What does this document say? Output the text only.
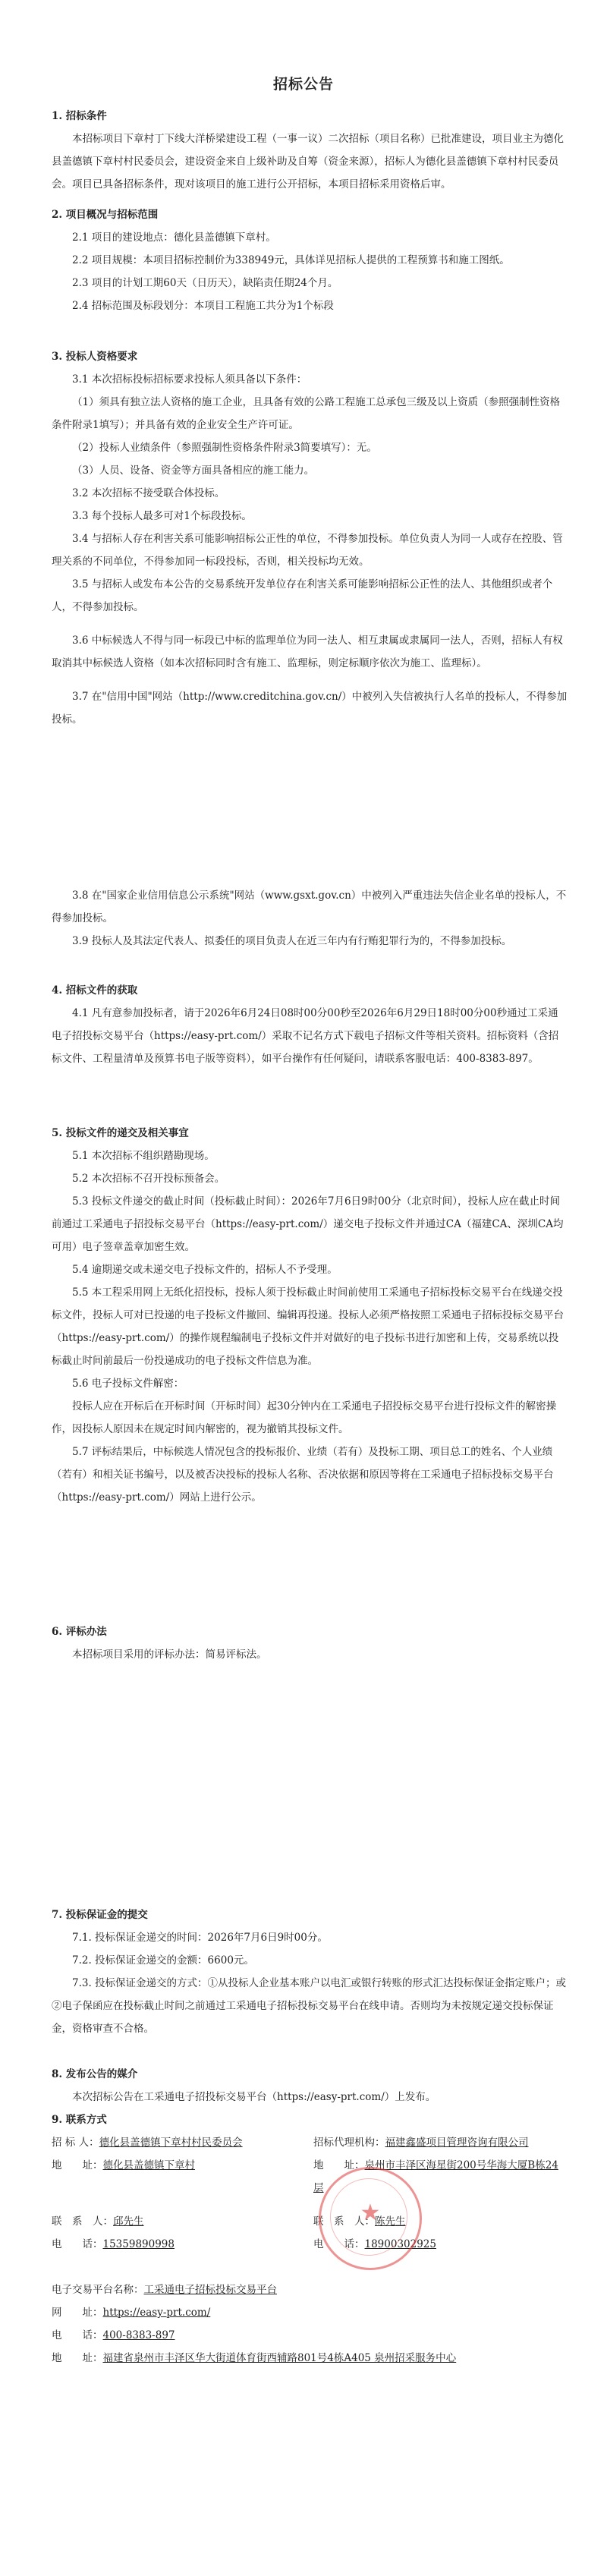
招标公告
1. 招标条件
本招标项目下章村丁下线大洋桥梁建设工程（一事一议）二次招标（项目名称）已批准建设，项目业主为德化县盖德镇下章村村民委员会，建设资金来自上级补助及自筹（资金来源），招标人为德化县盖德镇下章村村民委员会。项目已具备招标条件，现对该项目的施工进行公开招标，本项目招标采用资格后审。
2. 项目概况与招标范围
2.1 项目的建设地点：德化县盖德镇下章村。
2.2 项目规模：本项目招标控制价为338949元，具体详见招标人提供的工程预算书和施工图纸。
2.3 项目的计划工期60天（日历天），缺陷责任期24个月。
2.4 招标范围及标段划分：本项目工程施工共分为1个标段
3. 投标人资格要求
3.1 本次招标投标招标要求投标人须具备以下条件：
（1）须具有独立法人资格的施工企业，且具备有效的公路工程施工总承包三级及以上资质（参照强制性资格条件附录1填写）；并具备有效的企业安全生产许可证。
（2）投标人业绩条件（参照强制性资格条件附录3简要填写）：无。
（3）人员、设备、资金等方面具备相应的施工能力。
3.2 本次招标不接受联合体投标。
3.3 每个投标人最多可对1个标段投标。
3.4 与招标人存在利害关系可能影响招标公正性的单位，不得参加投标。单位负责人为同一人或存在控股、管理关系的不同单位，不得参加同一标段投标，否则，相关投标均无效。
3.5 与招标人或发布本公告的交易系统开发单位存在利害关系可能影响招标公正性的法人、其他组织或者个人，不得参加投标。
3.6 中标候选人不得与同一标段已中标的监理单位为同一法人、相互隶属或隶属同一法人，否则，招标人有权取消其中标候选人资格（如本次招标同时含有施工、监理标，则定标顺序依次为施工、监理标）。
3.7 在"信用中国"网站（http://www.creditchina.gov.cn/）中被列入失信被执行人名单的投标人，不得参加投标。
3.8 在"国家企业信用信息公示系统"网站（www.gsxt.gov.cn）中被列入严重违法失信企业名单的投标人，不得参加投标。
3.9 投标人及其法定代表人、拟委任的项目负责人在近三年内有行贿犯罪行为的，不得参加投标。
4. 招标文件的获取
4.1 凡有意参加投标者，请于2026年6月24日08时00分00秒至2026年6月29日18时00分00秒通过工采通电子招投标交易平台（https://easy-prt.com/）采取不记名方式下载电子招标文件等相关资料。招标资料（含招标文件、工程量清单及预算书电子版等资料），如平台操作有任何疑问，请联系客服电话：400-8383-897。
5. 投标文件的递交及相关事宜
5.1 本次招标不组织踏勘现场。
5.2 本次招标不召开投标预备会。
5.3 投标文件递交的截止时间（投标截止时间）：2026年7月6日9时00分（北京时间），投标人应在截止时间前通过工采通电子招投标交易平台（https://easy-prt.com/）递交电子投标文件并通过CA（福建CA、深圳CA均可用）电子签章盖章加密生效。
5.4 逾期递交或未递交电子投标文件的，招标人不予受理。
5.5 本工程采用网上无纸化招投标，投标人须于投标截止时间前使用工采通电子招标投标交易平台在线递交投标文件，投标人可对已投递的电子投标文件撤回、编辑再投递。投标人必须严格按照工采通电子招标投标交易平台（https://easy-prt.com/）的操作规程编制电子投标文件并对做好的电子投标书进行加密和上传，交易系统以投标截止时间前最后一份投递成功的电子投标文件信息为准。
5.6 电子投标文件解密：
投标人应在开标后在开标时间（开标时间）起30分钟内在工采通电子招投标交易平台进行投标文件的解密操作，因投标人原因未在规定时间内解密的，视为撤销其投标文件。
5.7 评标结果后，中标候选人情况包含的投标报价、业绩（若有）及投标工期、项目总工的姓名、个人业绩（若有）和相关证书编号，以及被否决投标的投标人名称、否决依据和原因等将在工采通电子招标投标交易平台（https://easy-prt.com/）网站上进行公示。
6. 评标办法
本招标项目采用的评标办法：简易评标法。
7. 投标保证金的提交
7.1. 投标保证金递交的时间：2026年7月6日9时00分。
7.2. 投标保证金递交的金额：6600元。
7.3. 投标保证金递交的方式：①从投标人企业基本账户以电汇或银行转账的形式汇达投标保证金指定账户；或②电子保函应在投标截止时间之前通过工采通电子招标投标交易平台在线申请。否则均为未按规定递交投标保证金，资格审查不合格。
8. 发布公告的媒介
本次招标公告在工采通电子招投标交易平台（https://easy-prt.com/）上发布。
9. 联系方式
招 标 人：德化县盖德镇下章村村民委员会	招标代理机构：福建鑫盛项目管理咨询有限公司
地　　址：德化县盖德镇下章村	地　　址：泉州市丰泽区海星街200号华海大厦B栋24层
联　系　人：邱先生	联　系　人：陈先生
电　　话：15359890998	电　　话：18900302925
电子交易平台名称：工采通电子招标投标交易平台
网　　址：https://easy-prt.com/
电　　话：400-8383-897
地　　址：福建省泉州市丰泽区华大街道体育街西辅路801号4栋A405 泉州招采服务中心
★
